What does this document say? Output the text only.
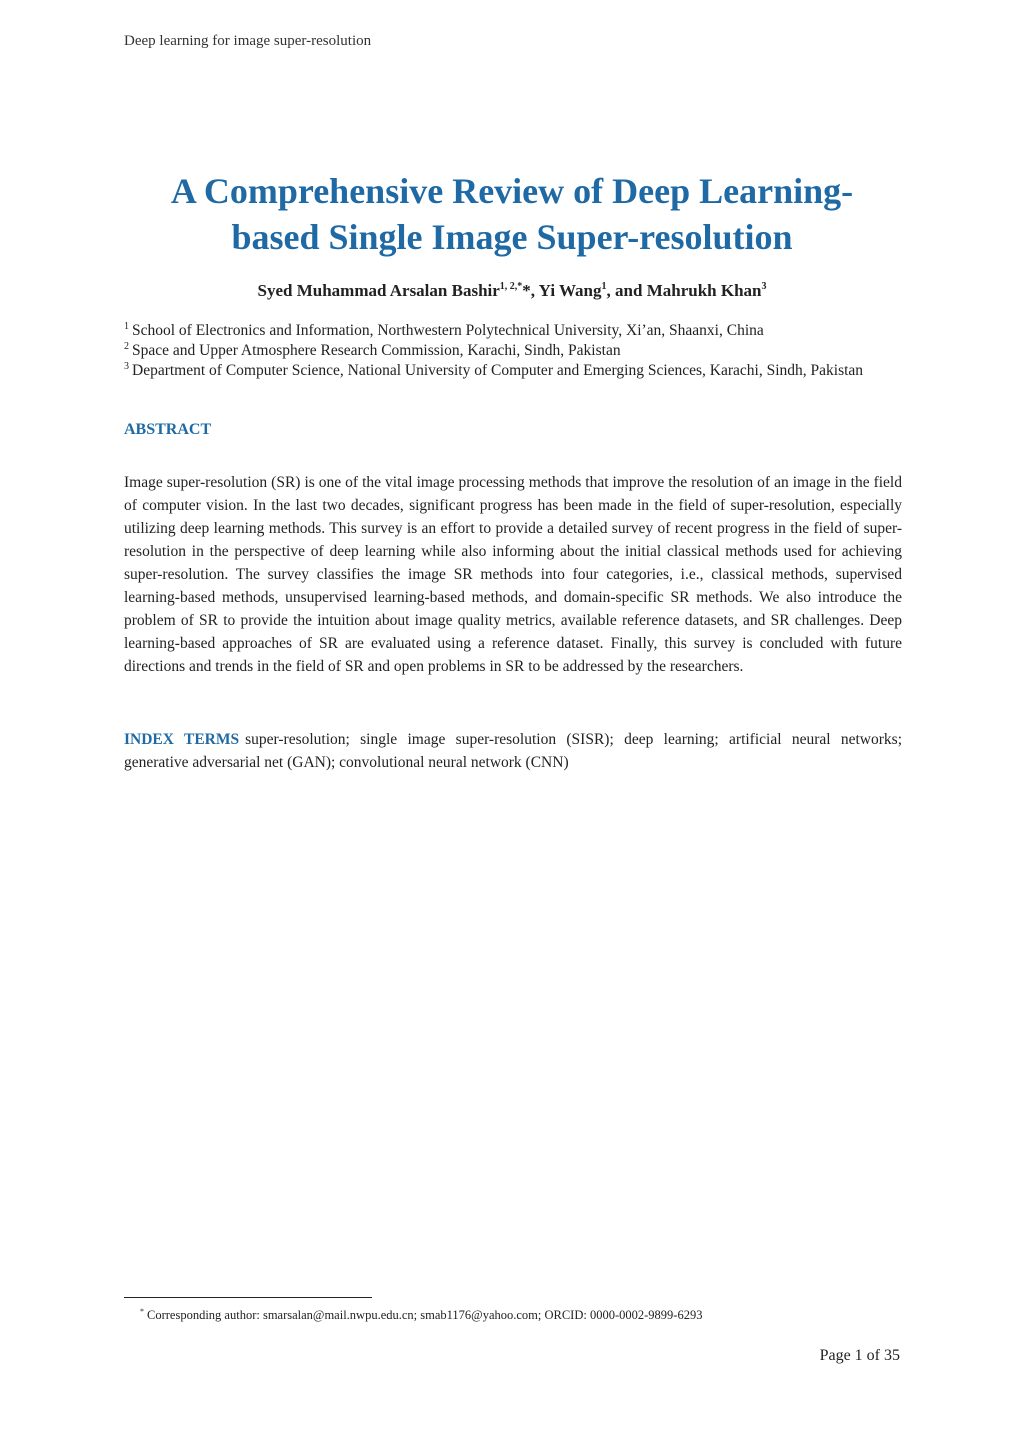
Deep learning for image super-resolution
A Comprehensive Review of Deep Learning-
based Single Image Super-resolution
Syed Muhammad Arsalan Bashir$^{1, 2,*}$*, Yi Wang$^1$, and Mahrukh Khan$^3$
$^1$ School of Electronics and Information, Northwestern Polytechnical University, Xi’an, Shaanxi, China
$^2$ Space and Upper Atmosphere Research Commission, Karachi, Sindh, Pakistan
$^3$ Department of Computer Science, National University of Computer and Emerging Sciences, Karachi, Sindh, Pakistan
ABSTRACT
Image super-resolution (SR) is one of the vital image processing methods that improve the resolution of an image in the field of computer vision. In the last two decades, significant progress has been made in the field of super-resolution, especially utilizing deep learning methods. This survey is an effort to provide a detailed survey of recent progress in the field of super-resolution in the perspective of deep learning while also informing about the initial classical methods used for achieving super-resolution. The survey classifies the image SR methods into four categories, i.e., classical methods, supervised learning-based methods, unsupervised learning-based methods, and domain-specific SR methods. We also introduce the problem of SR to provide the intuition about image quality metrics, available reference datasets, and SR challenges. Deep learning-based approaches of SR are evaluated using a reference dataset. Finally, this survey is concluded with future directions and trends in the field of SR and open problems in SR to be addressed by the researchers.
INDEX TERMS super-resolution; single image super-resolution (SISR); deep learning; artificial neural networks; generative adversarial net (GAN); convolutional neural network (CNN)
* Corresponding author: smarsalan@mail.nwpu.edu.cn; smab1176@yahoo.com; ORCID: 0000-0002-9899-6293
Page 1 of 35
